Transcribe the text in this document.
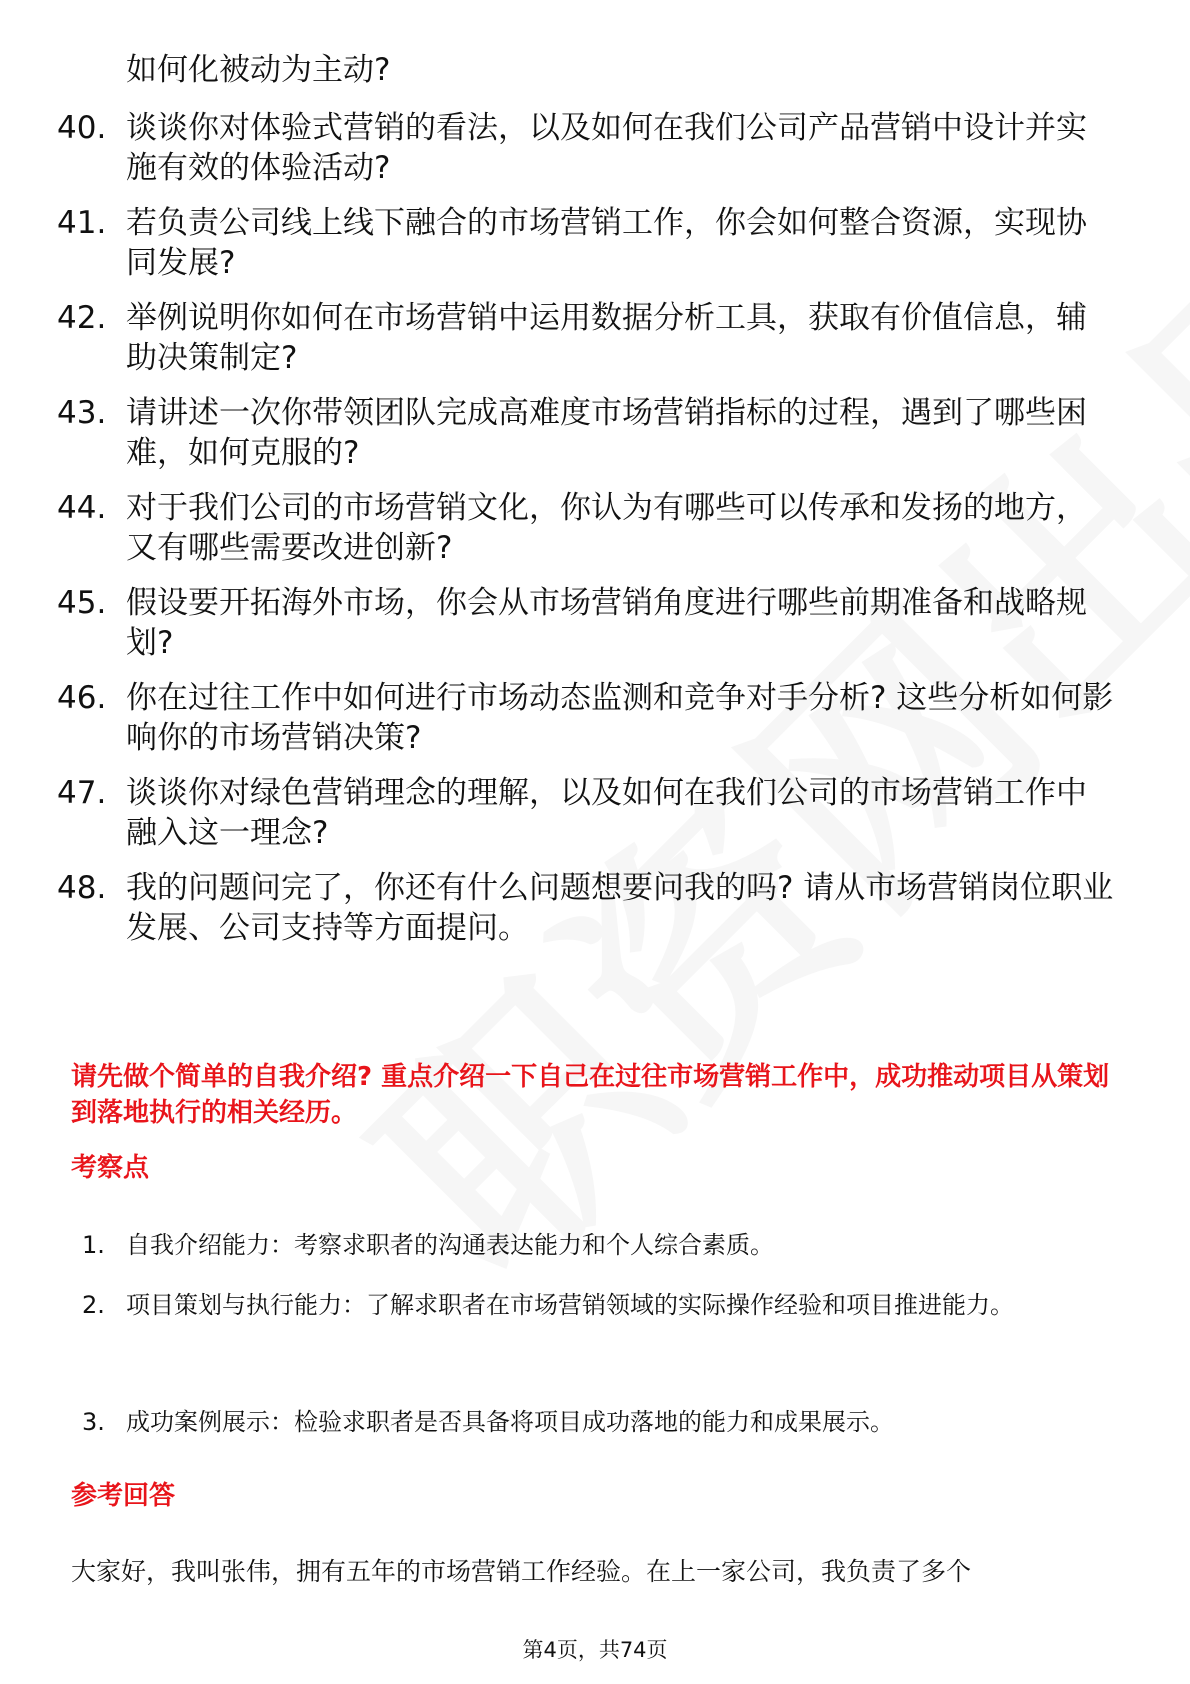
如何化被动为主动?

40. 谈谈你对体验式营销的看法，以及如何在我们公司产品营销中设计并实施有效的体验活动?
41. 若负责公司线上线下融合的市场营销工作，你会如何整合资源，实现协同发展?
42. 举例说明你如何在市场营销中运用数据分析工具，获取有价值信息，辅助决策制定?
43. 请讲述一次你带领团队完成高难度市场营销指标的过程，遇到了哪些困难，如何克服的?
44. 对于我们公司的市场营销文化，你认为有哪些可以传承和发扬的地方，又有哪些需要改进创新?
45. 假设要开拓海外市场，你会从市场营销角度进行哪些前期准备和战略规划?
46. 你在过往工作中如何进行市场动态监测和竞争对手分析? 这些分析如何影响你的市场营销决策?
47. 谈谈你对绿色营销理念的理解，以及如何在我们公司的市场营销工作中融入这一理念?
48. 我的问题问完了，你还有什么问题想要问我的吗? 请从市场营销岗位职业发展、公司支持等方面提问。

请先做个简单的自我介绍? 重点介绍一下自己在过往市场营销工作中，成功推动项目从策划到落地执行的相关经历。

考察点
1. 自我介绍能力：考察求职者的沟通表达能力和个人综合素质。
2. 项目策划与执行能力：了解求职者在市场营销领域的实际操作经验和项目推进能力。
3. 成功案例展示：检验求职者是否具备将项目成功落地的能力和成果展示。
参考回答

大家好，我叫张伟，拥有五年的市场营销工作经验。在上一家公司，我负责了多个

第4页，共74页
